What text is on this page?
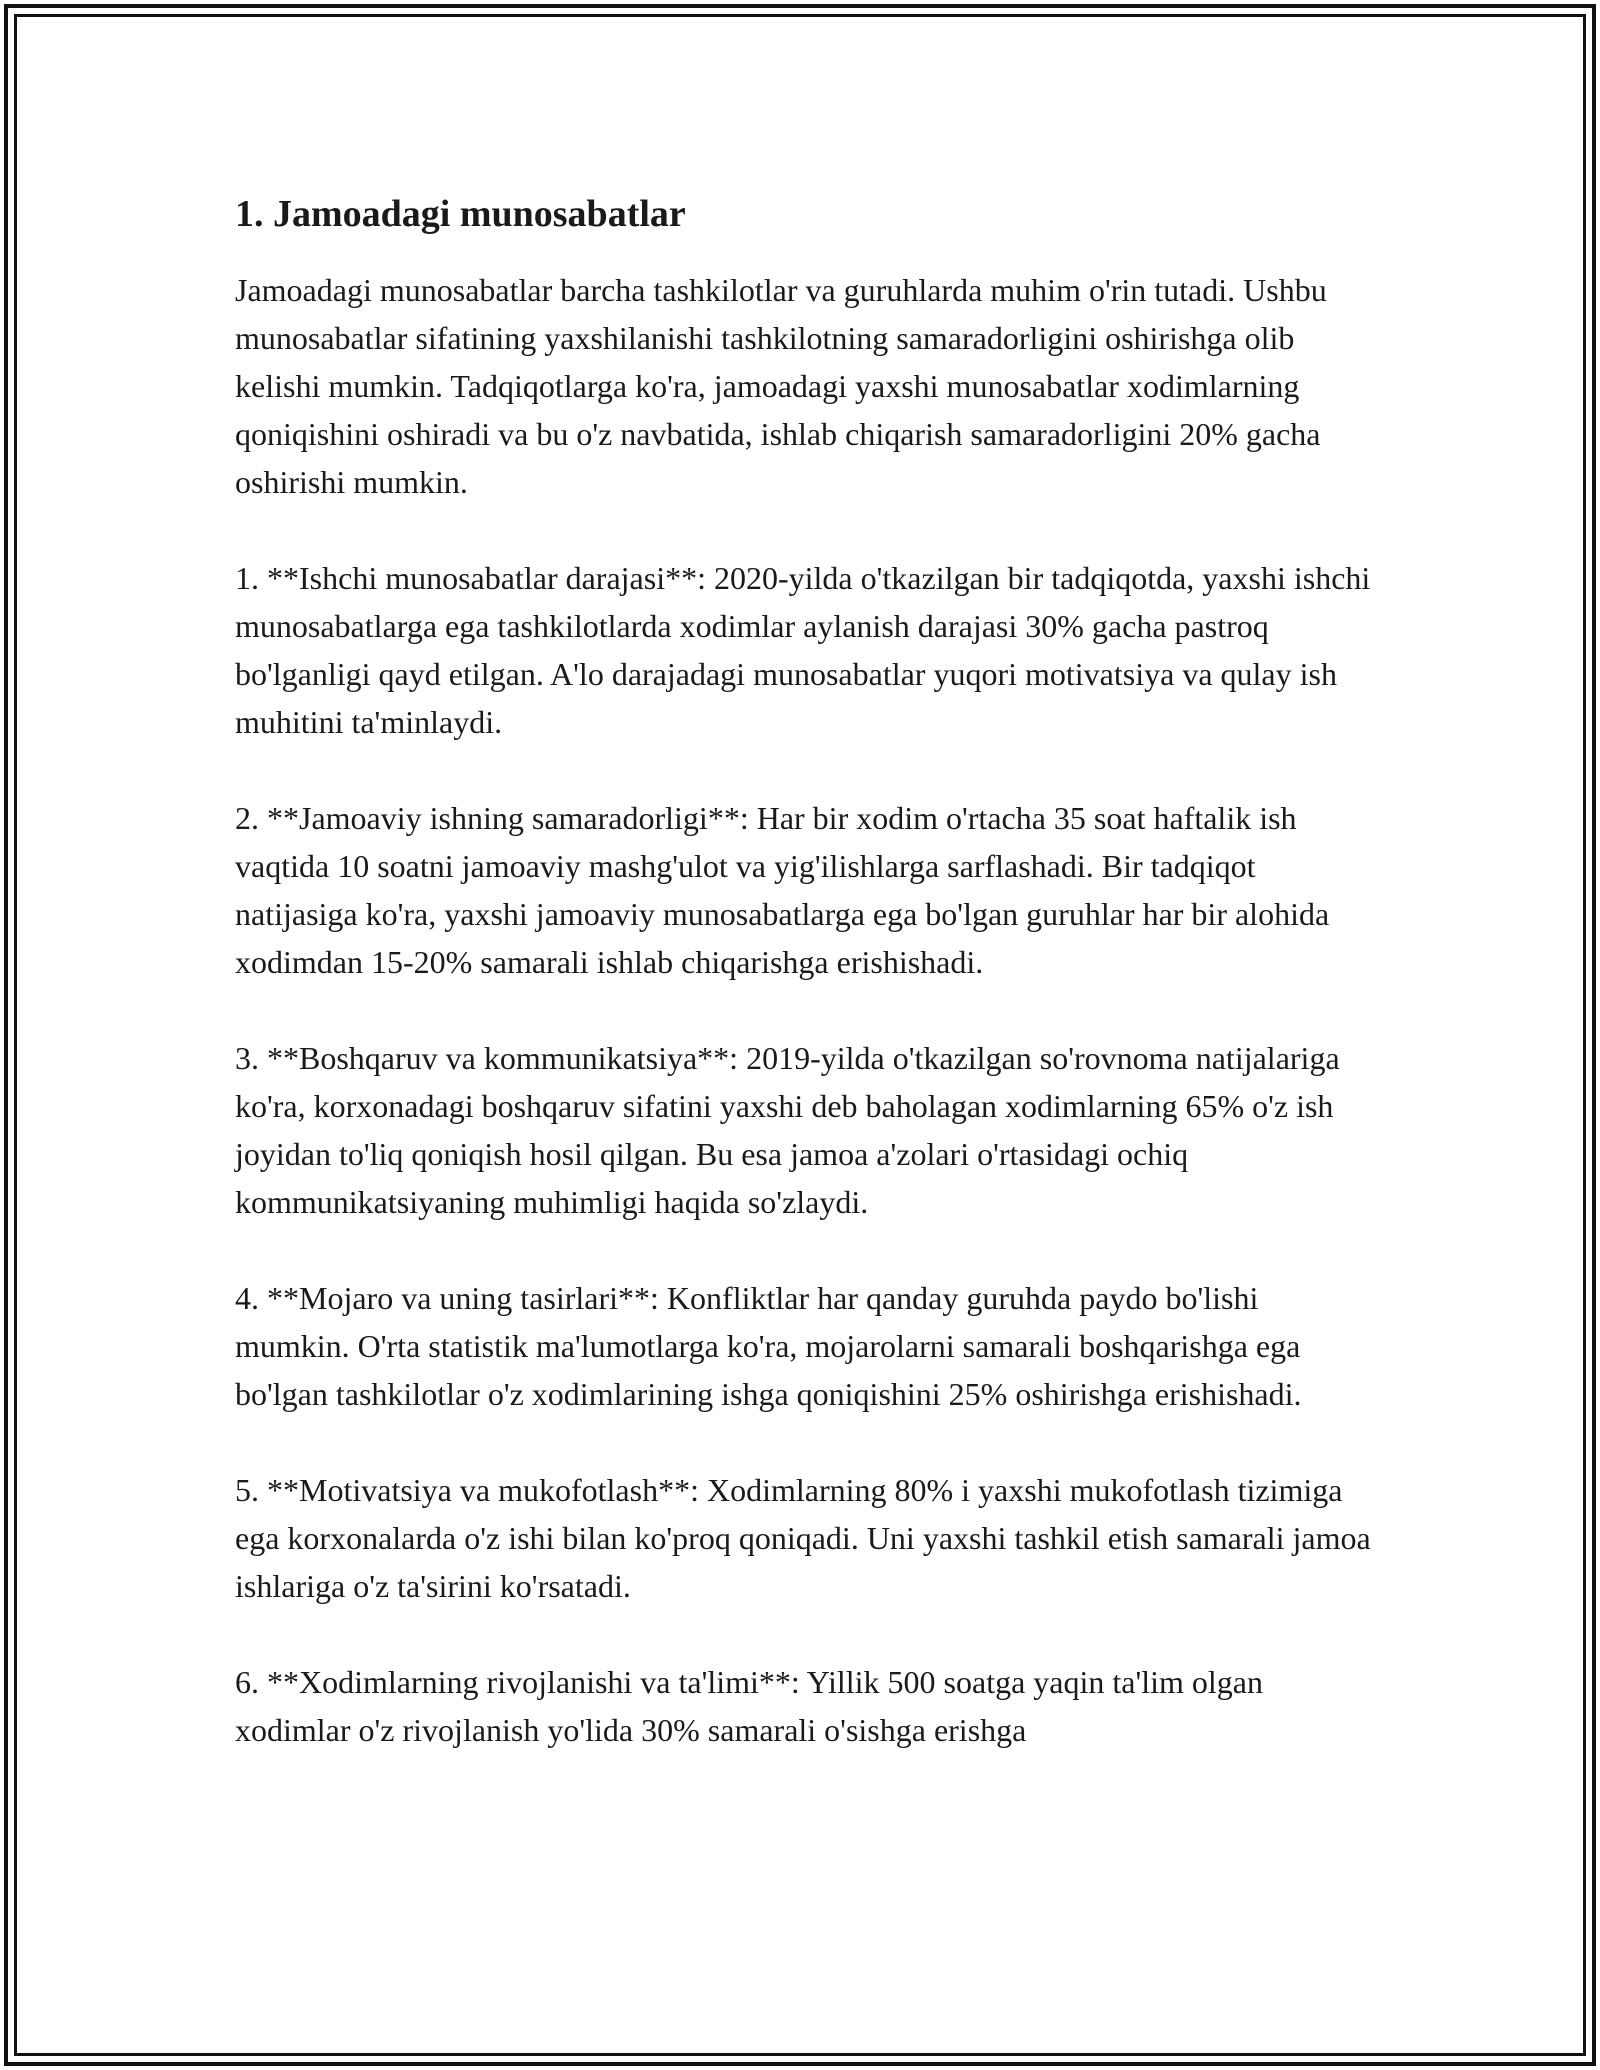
1. Jamoadagi munosabatlar

Jamoadagi munosabatlar barcha tashkilotlar va guruhlarda muhim o'rin tutadi. Ushbu munosabatlar sifatining yaxshilanishi tashkilotning samaradorligini oshirishga olib kelishi mumkin. Tadqiqotlarga ko'ra, jamoadagi yaxshi munosabatlar xodimlarning qoniqishini oshiradi va bu o'z navbatida, ishlab chiqarish samaradorligini 20% gacha oshirishi mumkin.

1. **Ishchi munosabatlar darajasi**: 2020-yilda o'tkazilgan bir tadqiqotda, yaxshi ishchi munosabatlarga ega tashkilotlarda xodimlar aylanish darajasi 30% gacha pastroq bo'lganligi qayd etilgan. A'lo darajadagi munosabatlar yuqori motivatsiya va qulay ish muhitini ta'minlaydi.

2. **Jamoaviy ishning samaradorligi**: Har bir xodim o'rtacha 35 soat haftalik ish vaqtida 10 soatni jamoaviy mashg'ulot va yig'ilishlarga sarflashadi. Bir tadqiqot natijasiga ko'ra, yaxshi jamoaviy munosabatlarga ega bo'lgan guruhlar har bir alohida xodimdan 15-20% samarali ishlab chiqarishga erishishadi.

3. **Boshqaruv va kommunikatsiya**: 2019-yilda o'tkazilgan so'rovnoma natijalariga ko'ra, korxonadagi boshqaruv sifatini yaxshi deb baholagan xodimlarning 65% o'z ish joyidan to'liq qoniqish hosil qilgan. Bu esa jamoa a'zolari o'rtasidagi ochiq kommunikatsiyaning muhimligi haqida so'zlaydi.

4. **Mojaro va uning tasirlari**: Konfliktlar har qanday guruhda paydo bo'lishi mumkin. O'rta statistik ma'lumotlarga ko'ra, mojarolarni samarali boshqarishga ega bo'lgan tashkilotlar o'z xodimlarining ishga qoniqishini 25% oshirishga erishishadi.

5. **Motivatsiya va mukofotlash**: Xodimlarning 80% i yaxshi mukofotlash tizimiga ega korxonalarda o'z ishi bilan ko'proq qoniqadi. Uni yaxshi tashkil etish samarali jamoa ishlariga o'z ta'sirini ko'rsatadi.

6. **Xodimlarning rivojlanishi va ta'limi**: Yillik 500 soatga yaqin ta'lim olgan xodimlar o'z rivojlanish yo'lida 30% samarali o'sishga erishga
